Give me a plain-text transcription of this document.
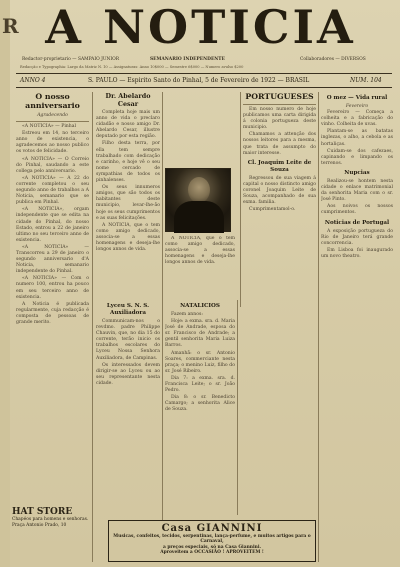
R A NOTICIA
Redactor-proprietario — SAMPAIO JUNIOR	SEMANARIO INDEPENDENTE	Collaboradores — DIVERSOS
Redacção e Typographia: Largo da Matriz N. 10 — Assignaturas: Anno 10$000 — Semestre 6$000 — Numero avulso $200
ANNO 4	S. PAULO — Espirito Santo do Pinhal, 5 de Fevereiro de 1922 — BRASIL	NUM. 104
O nosso anniversario
Agradecendo
«A NOTICIA» — Pinhal
Estreou em 14, no terceiro anno de existencia, o agradecemos ao nosso publico os votos de felicidade.
«A NOTICIA» — O Correio do Pinhal, saudando a este collega pelo anniversario.
«A NOTICIA» — A 22 do corrente completou o seu segundo anno de trabalhos a A Noticia, semanario que se publica em Pinhal.
«A NOTICIA», orgam independente que se edita na cidade do Pinhal, do nosso Estado, entrou a 22 de janeiro ultimo no seu terceiro anno de existencia.
«A NOTICIA» — Transcorreu a 29 de janeiro o segundo anniversario d'A Noticia, semanario independente do Pinhal.
«A NOTICIA» — Com o numero 100, entrou ha pouco em seu terceiro anno de existencia.
A Noticia é publicada regularmente, cuja redacção é composta de pessoas de grande merito.
HAT STORE
Chapéos para homens e senhoras.
Praça Antonio Prado, 10
Dr. Abelardo Cesar
Completa hoje mais um anno de vida o preclaro cidadão e nosso amigo Dr. Abelardo Cesar, illustre deputado por esta região.
Filho desta terra, por ella tem sempre trabalhado com dedicação e carinho, e hoje vê o seu nome cercado de sympathias de todos os pinhalenses.
Os seus innumeros amigos, que são todos os habitantes deste municipio, levar-lhe-ão hoje os seus cumprimentos e as suas felicitações.
A NOTICIA, que o tem como amigo dedicado, associa-se a essas homenagens e deseja-lhe longos annos de vida.
Lyceu S. N. S. Auxiliadora
Communicam-nos o revdmo. padre Philippe Chauvin, que, no dia 15 do corrente, terão inicio os trabalhos escolares do Lyceu Nossa Senhora Auxiliadora, de Campinas.
Os interessados devem dirigir-se ao Lyceu ou ao seu representante nesta cidade.
NATALICIOS
Fazem annos:
Hoje: a exma. sra. d. Maria José de Andrade, esposa do sr. Francisco de Andrade; a gentil senhorita Maria Luiza Barros.
Amanhã: o sr. Antonio Soares, commerciante nesta praça; o menino Luiz, filho do sr. José Ribeiro.
Dia 7: a exma. sra. d. Francisca Leite; o sr. João Pedro.
Dia 8: o sr. Benedicto Camargo; a senhorita Alice de Souza.
A NOTICIA, que o tem como amigo dedicado, associa-se a essas homenagens e deseja-lhe longos annos de vida.
PORTUGUESES
Em nosso numero de hoje publicamos uma carta dirigida á colonia portugueza deste municipio.
Chamamos a attenção dos nossos leitores para a mesma, que trata de assumpto do maior interesse.
Cl. Joaquim Leite de Souza
Regressou de sua viagem á capital o nosso distincto amigo coronel Joaquim Leite de Souza, acompanhado de sua exma. familia.
Cumprimentamol-o.
O mez — Vida rural
Fevereiro
Fevereiro — Começa a colheita e a fabricação do vinho. Colheita de uvas.
Plantam-se as batatas inglezas, o alho, a cebola e as hortaliças.
Cuidam-se dos cafezaes, capinando e limpando os terrenos.
Nupcias
Realizou-se hontem nesta cidade o enlace matrimonial da senhorita Maria com o sr. José Pinto.
Aos noivos os nossos cumprimentos.
Noticias de Portugal
A exposição portugueza do Rio de Janeiro terá grande concorrencia.
Em Lisboa foi inaugurado um novo theatro.
Casa GIANNINI
Musicas, confeitos, tecidos, serpentinas, lança-perfume, e muitos artigos para o Carnaval,
a preços especiais, só na Casa Giannini.
Aproveitem a OCCASIÃO ! APROVEITEM !
